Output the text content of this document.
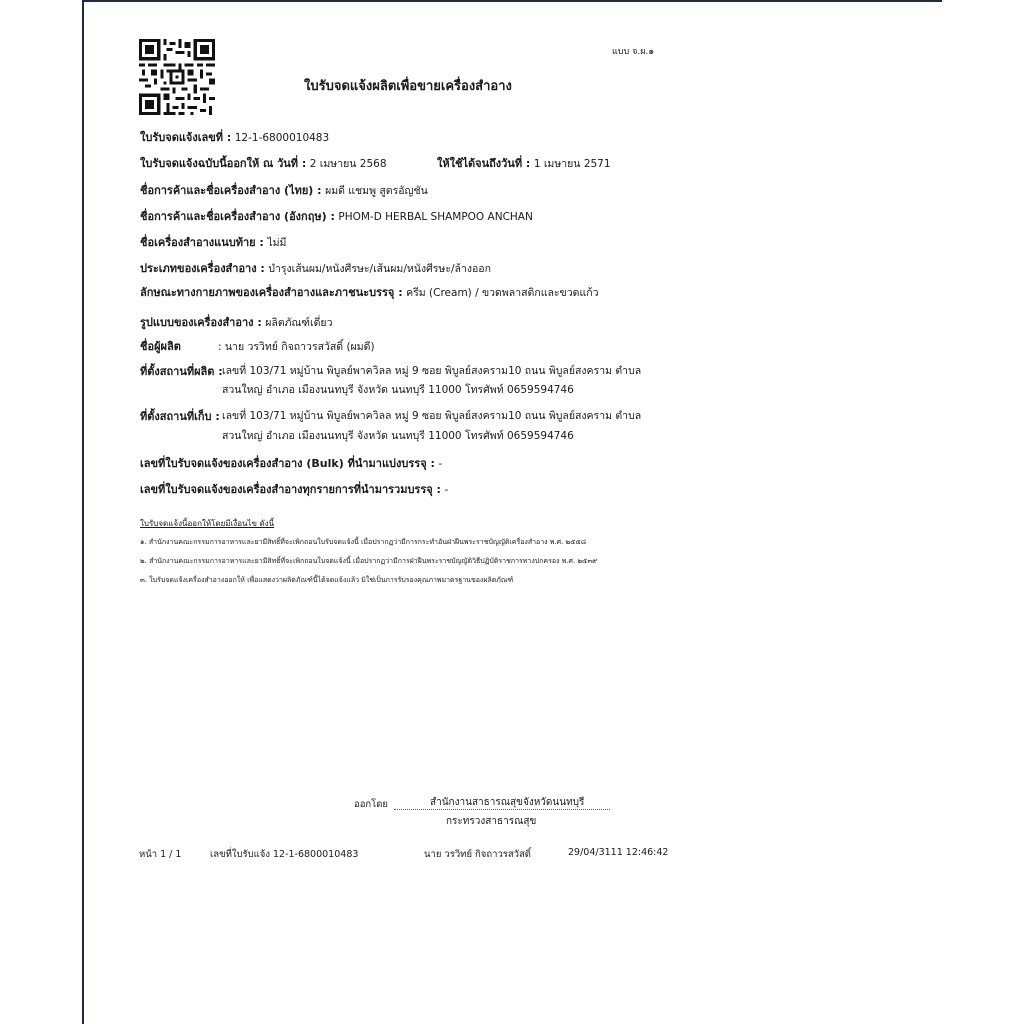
แบบ จ.ผ.๑
ใบรับจดแจ้งผลิตเพื่อขายเครื่องสำอาง
ใบรับจดแจ้งเลขที่ : 12-1-6800010483
ใบรับจดแจ้งฉบับนี้ออกให้ ณ วันที่ : 2 เมษายน 2568	ให้ใช้ได้จนถึงวันที่ : 1 เมษายน 2571
ชื่อการค้าและชื่อเครื่องสำอาง (ไทย) : ผมดี แชมพู สูตรอัญชัน
ชื่อการค้าและชื่อเครื่องสำอาง (อังกฤษ) : PHOM-D HERBAL SHAMPOO ANCHAN
ชื่อเครื่องสำอางแนบท้าย : ไม่มี
ประเภทของเครื่องสำอาง : บำรุงเส้นผม/หนังศีรษะ/เส้นผม/หนังศีรษะ/ล้างออก
ลักษณะทางกายภาพของเครื่องสำอางและภาชนะบรรจุ : ครีม (Cream) / ขวดพลาสติกและขวดแก้ว
รูปแบบของเครื่องสำอาง : ผลิตภัณฑ์เดี่ยว
ชื่อผู้ผลิต	: นาย วรวิทย์ กิจถาวรสวัสดิ์ (ผมดี)
ที่ตั้งสถานที่ผลิต : เลขที่ 103/71 หมู่บ้าน พิบูลย์พาควิลล หมู่ 9 ซอย พิบูลย์สงคราม10 ถนน พิบูลย์สงคราม ตำบล
สวนใหญ่ อำเภอ เมืองนนทบุรี จังหวัด นนทบุรี 11000 โทรศัพท์ 0659594746
ที่ตั้งสถานที่เก็บ : เลขที่ 103/71 หมู่บ้าน พิบูลย์พาควิลล หมู่ 9 ซอย พิบูลย์สงคราม10 ถนน พิบูลย์สงคราม ตำบล
สวนใหญ่ อำเภอ เมืองนนทบุรี จังหวัด นนทบุรี 11000 โทรศัพท์ 0659594746
เลขที่ใบรับจดแจ้งของเครื่องสำอาง (Bulk) ที่นำมาแบ่งบรรจุ : -
เลขที่ใบรับจดแจ้งของเครื่องสำอางทุกรายการที่นำมารวมบรรจุ : -
ใบรับจดแจ้งนี้ออกให้โดยมีเงื่อนไข ดังนี้
๑. สำนักงานคณะกรรมการอาหารและยามีสิทธิ์ที่จะเพิกถอนใบรับจดแจ้งนี้ เมื่อปรากฏว่ามีการกระทำอันฝ่าฝืนพระราชบัญญัติเครื่องสำอาง พ.ศ. ๒๕๕๘
๒. สำนักงานคณะกรรมการอาหารและยามีสิทธิ์ที่จะเพิกถอนใบจดแจ้งนี้ เมื่อปรากฏว่ามีการฝ่าฝืนพระราชบัญญัติวิธีปฏิบัติราชการทางปกครอง พ.ศ. ๒๕๓๙
๓. ใบรับจดแจ้งเครื่องสำอางออกให้ เพื่อแสดงว่าผลิตภัณฑ์นี้ได้จดแจ้งแล้ว มิใช่เป็นการรับรองคุณภาพมาตรฐานของผลิตภัณฑ์
ออกโดย	สำนักงานสาธารณสุขจังหวัดนนทบุรี
กระทรวงสาธารณสุข
หน้า 1 / 1	เลขที่ใบรับแจ้ง 12-1-6800010483	นาย วรวิทย์ กิจถาวรสวัสดิ์	29/04/3111 12:46:42
